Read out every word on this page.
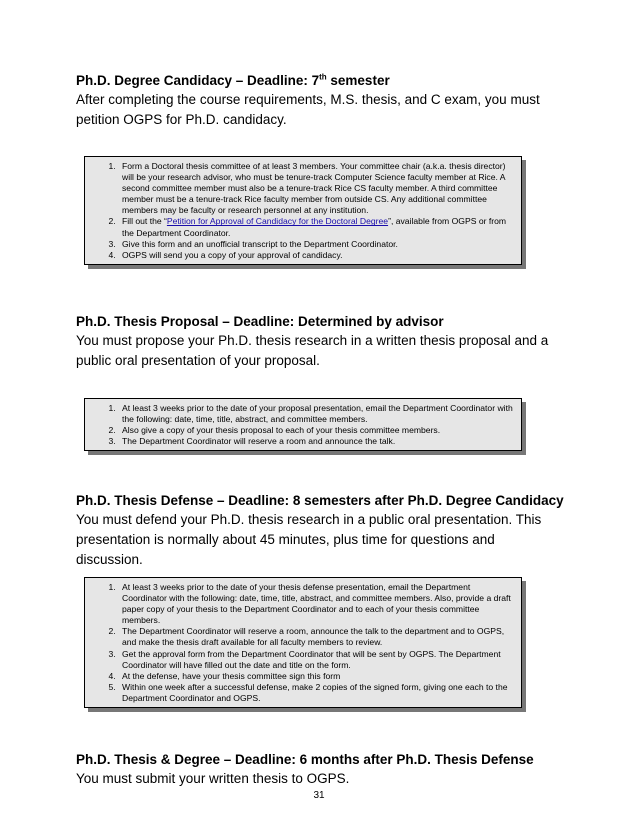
Ph.D. Degree Candidacy – Deadline: 7th semester
After completing the course requirements, M.S. thesis, and C exam, you must petition OGPS for Ph.D. candidacy.
1. Form a Doctoral thesis committee of at least 3 members. Your committee chair (a.k.a. thesis director) will be your research advisor, who must be tenure-track Computer Science faculty member at Rice. A second committee member must also be a tenure-track Rice CS faculty member. A third committee member must be a tenure-track Rice faculty member from outside CS. Any additional committee members may be faculty or research personnel at any institution.
2. Fill out the “Petition for Approval of Candidacy for the Doctoral Degree”, available from OGPS or from the Department Coordinator.
3. Give this form and an unofficial transcript to the Department Coordinator.
4. OGPS will send you a copy of your approval of candidacy.
Ph.D. Thesis Proposal – Deadline: Determined by advisor
You must propose your Ph.D. thesis research in a written thesis proposal and a public oral presentation of your proposal.
1. At least 3 weeks prior to the date of your proposal presentation, email the Department Coordinator with the following: date, time, title, abstract, and committee members.
2. Also give a copy of your thesis proposal to each of your thesis committee members.
3. The Department Coordinator will reserve a room and announce the talk.
Ph.D. Thesis Defense – Deadline: 8 semesters after Ph.D. Degree Candidacy
You must defend your Ph.D. thesis research in a public oral presentation. This presentation is normally about 45 minutes, plus time for questions and discussion.
1. At least 3 weeks prior to the date of your thesis defense presentation, email the Department Coordinator with the following: date, time, title, abstract, and committee members. Also, provide a draft paper copy of your thesis to the Department Coordinator and to each of your thesis committee members.
2. The Department Coordinator will reserve a room, announce the talk to the department and to OGPS, and make the thesis draft available for all faculty members to review.
3. Get the approval form from the Department Coordinator that will be sent by OGPS. The Department Coordinator will have filled out the date and title on the form.
4. At the defense, have your thesis committee sign this form
5. Within one week after a successful defense, make 2 copies of the signed form, giving one each to the Department Coordinator and OGPS.
Ph.D. Thesis & Degree – Deadline: 6 months after Ph.D. Thesis Defense
You must submit your written thesis to OGPS.
31
